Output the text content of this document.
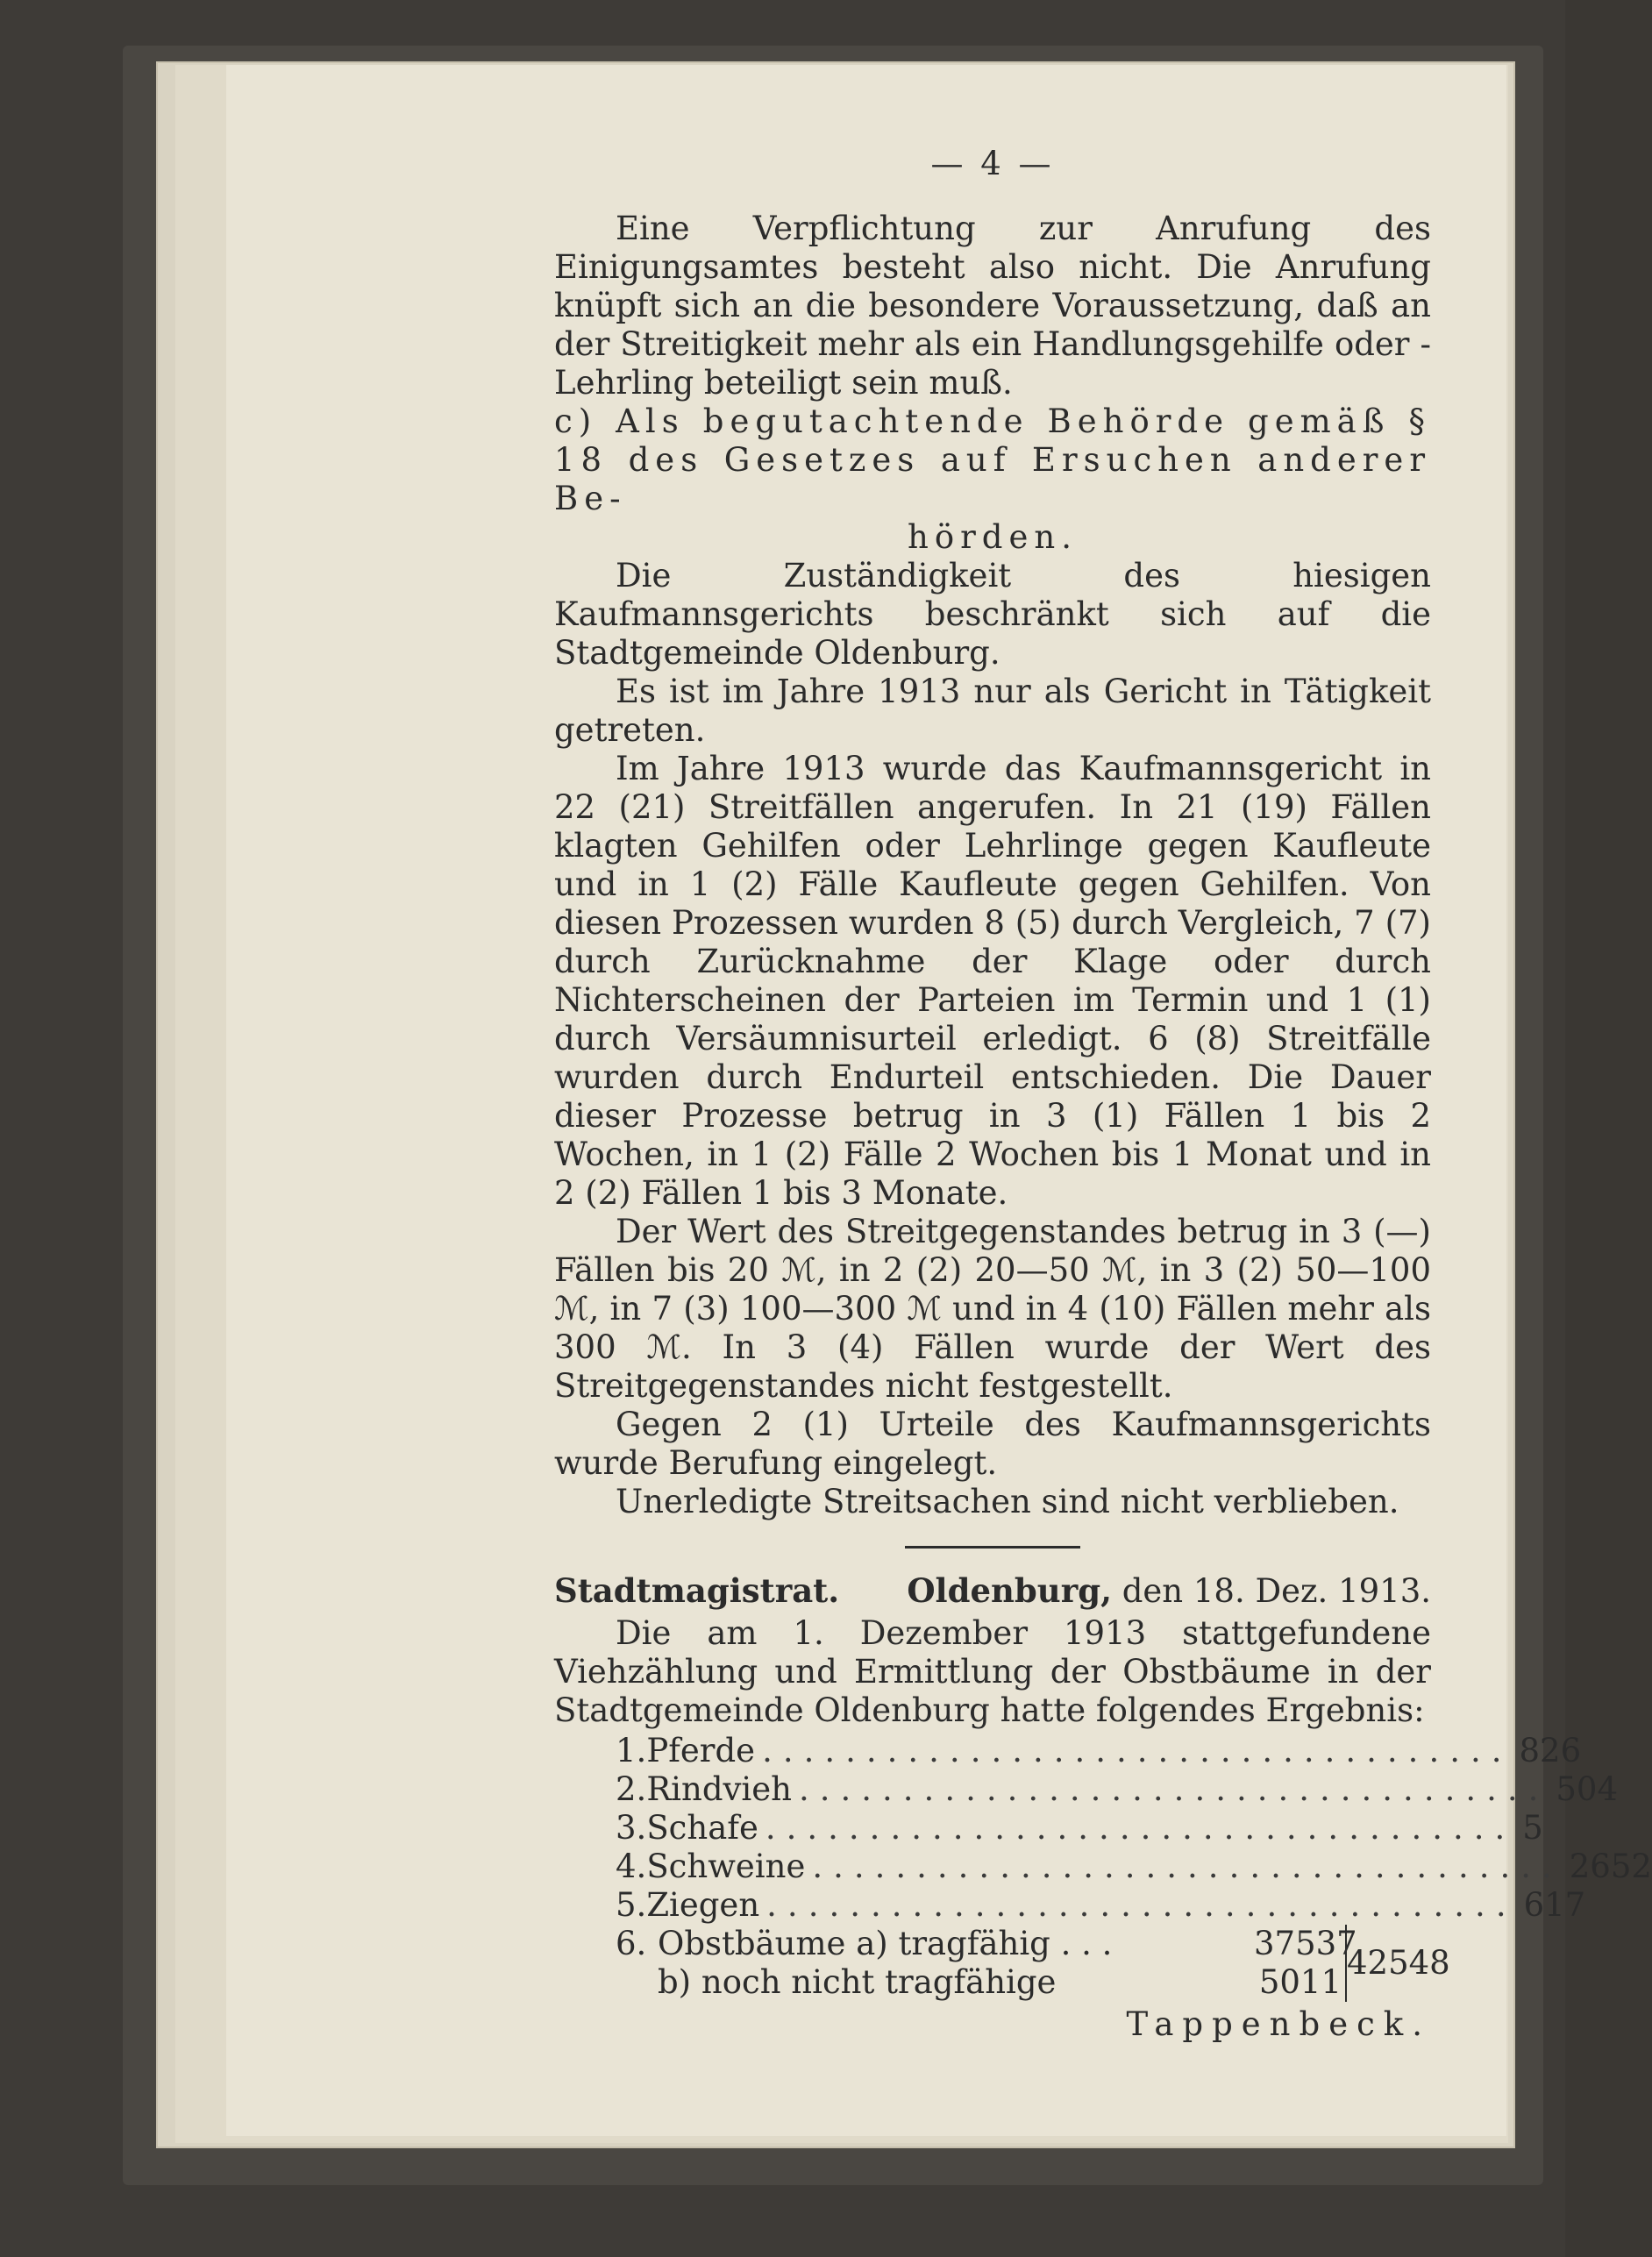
— 4 —

Eine Verpflichtung zur Anrufung des Einigungsamtes besteht also nicht. Die Anrufung knüpft sich an die besondere Voraussetzung, daß an der Streitigkeit mehr als ein Handlungsgehilfe oder -Lehrling beteiligt sein muß.

c) Als begutachtende Behörde gemäß § 18 des Gesetzes auf Ersuchen anderer Be-

hörden.

Die Zuständigkeit des hiesigen Kaufmannsgerichts beschränkt sich auf die Stadtgemeinde Oldenburg.

Es ist im Jahre 1913 nur als Gericht in Tätigkeit getreten.

Im Jahre 1913 wurde das Kaufmannsgericht in 22 (21) Streitfällen angerufen. In 21 (19) Fällen klagten Gehilfen oder Lehrlinge gegen Kaufleute und in 1 (2) Fälle Kaufleute gegen Gehilfen. Von diesen Prozessen wurden 8 (5) durch Vergleich, 7 (7) durch Zurücknahme der Klage oder durch Nichterscheinen der Parteien im Termin und 1 (1) durch Versäumnisurteil erledigt. 6 (8) Streitfälle wurden durch Endurteil entschieden. Die Dauer dieser Prozesse betrug in 3 (1) Fällen 1 bis 2 Wochen, in 1 (2) Fälle 2 Wochen bis 1 Monat und in 2 (2) Fällen 1 bis 3 Monate.

Der Wert des Streitgegenstandes betrug in 3 (—) Fällen bis 20 ℳ, in 2 (2) 20—50 ℳ, in 3 (2) 50—100 ℳ, in 7 (3) 100—300 ℳ und in 4 (10) Fällen mehr als 300 ℳ. In 3 (4) Fällen wurde der Wert des Streitgegenstandes nicht festgestellt.

Gegen 2 (1) Urteile des Kaufmannsgerichts wurde Berufung eingelegt.

Unerledigte Streitsachen sind nicht verblieben.

Stadtmagistrat. Oldenburg, den 18. Dez. 1913.

Die am 1. Dezember 1913 stattgefundene Viehzählung und Ermittlung der Obstbäume in der Stadtgemeinde Oldenburg hatte folgendes Ergebnis:

1. Pferde .................................... 826
2. Rindvieh .................................... 504
3. Schafe .................................... 5
4. Schweine .................................... 2652
5. Ziegen .................................... 617
6. Obstbäume a) tragfähig . . .	37537
b) noch nicht tragfähige	5011
42548
Tappenbeck.
